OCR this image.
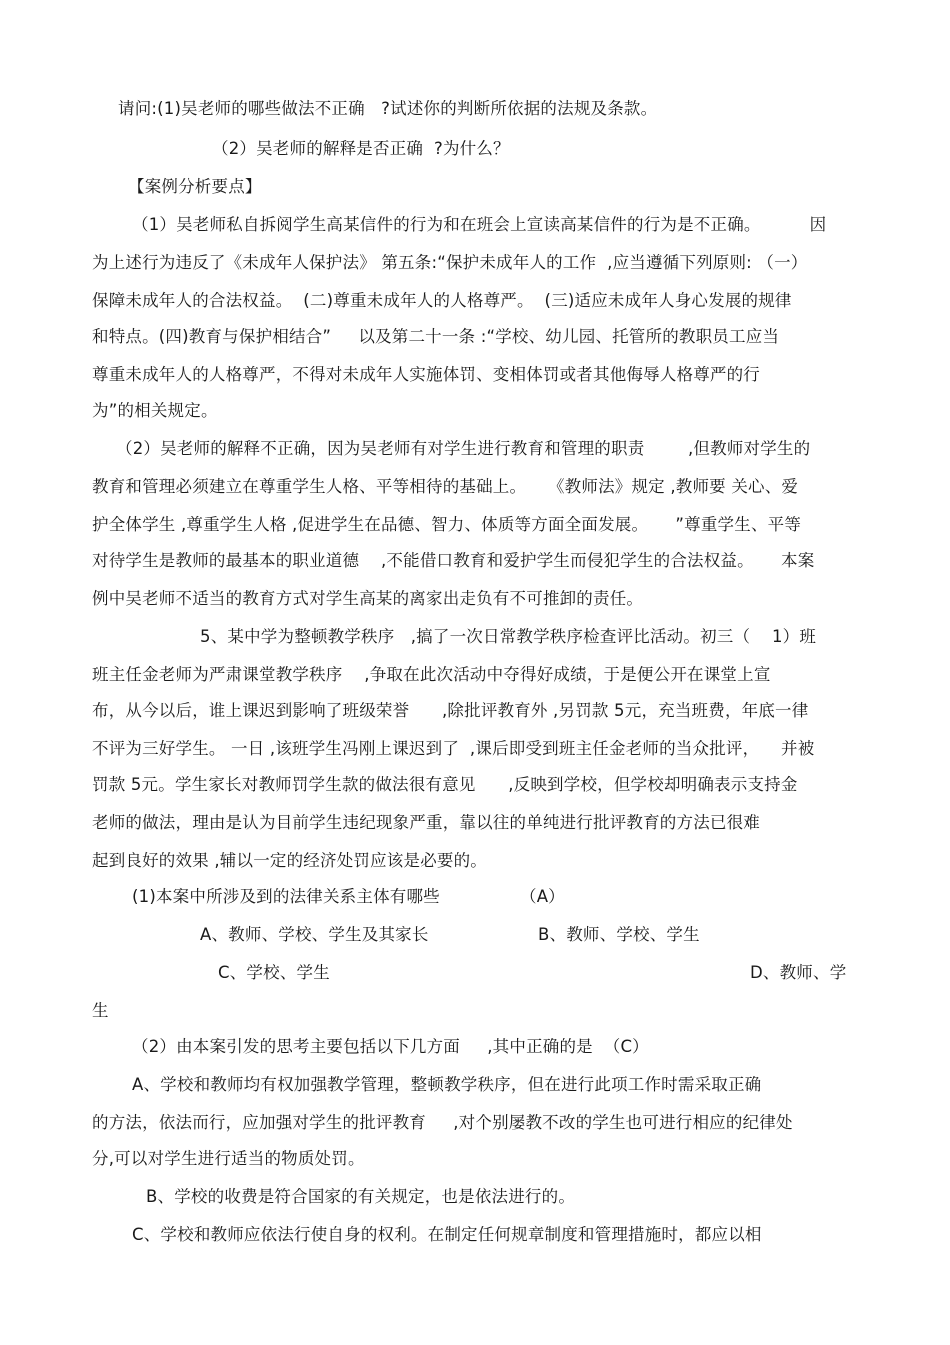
请问:(1)吴老师的哪些做法不正确   ?试述你的判断所依据的法规及条款。
（2）吴老师的解释是否正确  ?为什么？
【案例分析要点】
（1）吴老师私自拆阅学生高某信件的行为和在班会上宣读高某信件的行为是不正确。         因
为上述行为违反了《未成年人保护法》 第五条:“保护未成年人的工作  ,应当遵循下列原则: （一）
保障未成年人的合法权益。  (二)尊重未成年人的人格尊严。  (三)适应未成年人身心发展的规律
和特点。(四)教育与保护相结合”     以及第二十一条 :“学校、幼儿园、托管所的教职员工应当
尊重未成年人的人格尊严，不得对未成年人实施体罚、变相体罚或者其他侮辱人格尊严的行
为”的相关规定。
（2）吴老师的解释不正确，因为吴老师有对学生进行教育和管理的职责        ,但教师对学生的
教育和管理必须建立在尊重学生人格、平等相待的基础上。    《教师法》规定 ,教师要 关心、爱
护全体学生 ,尊重学生人格 ,促进学生在品德、智力、体质等方面全面发展。     ”尊重学生、平等
对待学生是教师的最基本的职业道德    ,不能借口教育和爱护学生而侵犯学生的合法权益。     本案
例中吴老师不适当的教育方式对学生高某的离家出走负有不可推卸的责任。
5、某中学为整顿教学秩序   ,搞了一次日常教学秩序检查评比活动。初三（    1）班
班主任金老师为严肃课堂教学秩序    ,争取在此次活动中夺得好成绩，于是便公开在课堂上宣
布，从今以后，谁上课迟到影响了班级荣誉      ,除批评教育外 ,另罚款 5元，充当班费，年底一律
不评为三好学生。 一日 ,该班学生冯刚上课迟到了  ,课后即受到班主任金老师的当众批评，    并被
罚款 5元。学生家长对教师罚学生款的做法很有意见      ,反映到学校，但学校却明确表示支持金
老师的做法，理由是认为目前学生违纪现象严重，靠以往的单纯进行批评教育的方法已很难
起到良好的效果 ,辅以一定的经济处罚应该是必要的。
(1)本案中所涉及到的法律关系主体有哪些	（A）
A、教师、学校、学生及其家长	B、教师、学校、学生
C、学校、学生	D、教师、学
生
（2）由本案引发的思考主要包括以下几方面     ,其中正确的是  （C）
A、学校和教师均有权加强教学管理，整顿教学秩序，但在进行此项工作时需采取正确
的方法，依法而行，应加强对学生的批评教育     ,对个别屡教不改的学生也可进行相应的纪律处
分,可以对学生进行适当的物质处罚。
B、学校的收费是符合国家的有关规定，也是依法进行的。
C、学校和教师应依法行使自身的权利。在制定任何规章制度和管理措施时，都应以相
